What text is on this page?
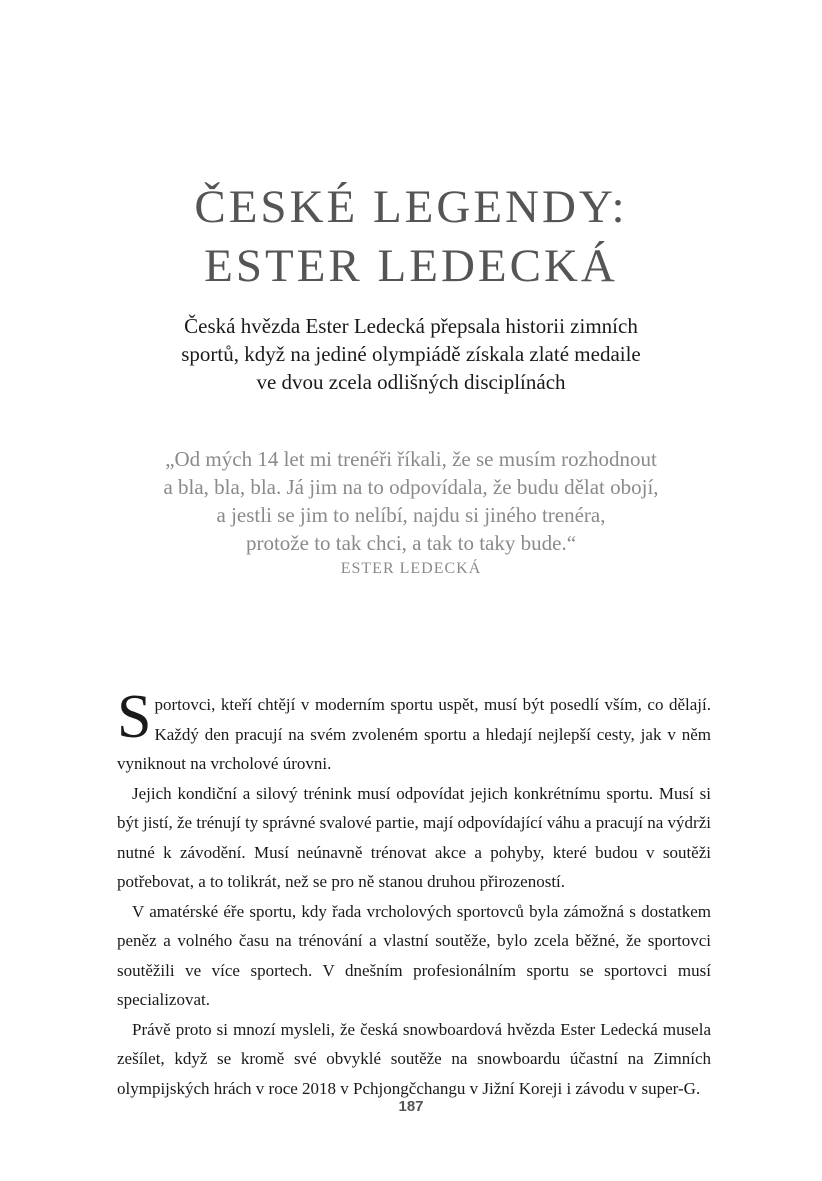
ČESKÉ LEGENDY:
ESTER LEDECKÁ

Česká hvězda Ester Ledecká přepsala historii zimních
sportů, když na jediné olympiádě získala zlaté medaile
ve dvou zcela odlišných disciplínách

„Od mých 14 let mi trenéři říkali, že se musím rozhodnout
a bla, bla, bla. Já jim na to odpovídala, že budu dělat obojí,
a jestli se jim to nelíbí, najdu si jiného trenéra,
protože to tak chci, a tak to taky bude.“

ESTER LEDECKÁ

Sportovci, kteří chtějí v moderním sportu uspět, musí být posedlí vším, co dělají. Každý den pracují na svém zvoleném sportu a hledají nejlepší cesty, jak v něm vyniknout na vrcholové úrovni.

Jejich kondiční a silový trénink musí odpovídat jejich konkrétnímu sportu. Musí si být jistí, že trénují ty správné svalové partie, mají odpovídající váhu a pracují na výdrži nutné k závodění. Musí neúnavně trénovat akce a pohyby, které budou v soutěži potřebovat, a to tolikrát, než se pro ně stanou druhou přirozeností.

V amatérské éře sportu, kdy řada vrcholových sportovců byla zámožná s dostatkem peněz a volného času na trénování a vlastní soutěže, bylo zcela běžné, že sportovci soutěžili ve více sportech. V dnešním profesionálním sportu se sportovci musí specializovat.

Právě proto si mnozí mysleli, že česká snowboardová hvězda Ester Ledecká musela zešílet, když se kromě své obvyklé soutěže na snowboardu účastní na Zimních olympijských hrách v roce 2018 v Pchjongčchangu v Jižní Koreji i závodu v super-G.

187
